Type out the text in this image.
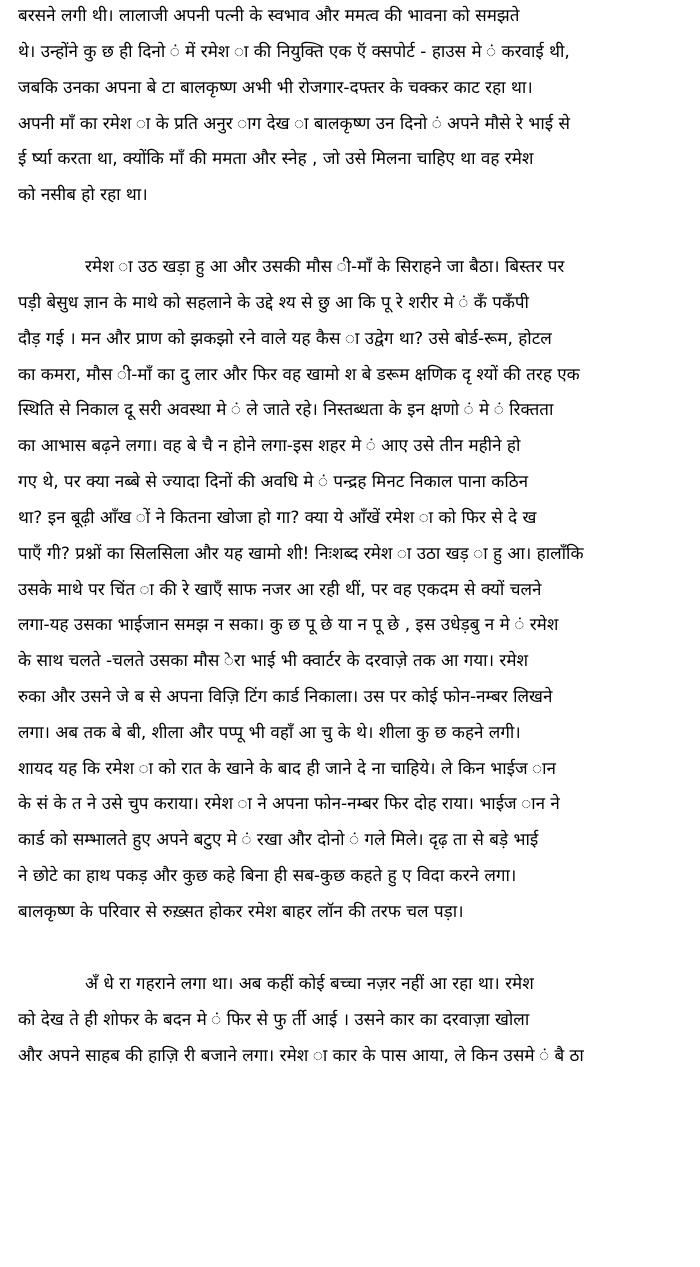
बरसने लगी थी। लालाजी अपनी पत्नी के स्वभाव और ममत्व की भावना को समझते
थे। उन्होंने कु छ ही दिनो ं में रमेश ा की नियुक्ति एक ऍ क्सपोर्ट - हाउस मे ं करवाई थी,
जबकि उनका अपना बे टा बालकृष्ण अभी भी रोजगार-दफ्तर के चक्कर काट रहा था।
अपनी माँ का रमेश ा के प्रति अनुर ाग देख ा बालकृष्ण उन दिनो ं अपने मौसे रे भाई से
ई र्ष्या करता था, क्योंकि माँ की ममता और स्नेह , जो उसे मिलना चाहिए था वह रमेश
को नसीब हो रहा था।
रमेश ा उठ खड़ा हु आ और उसकी मौस ी-माँ के सिराहने जा बैठा। बिस्तर पर
पड़ी बेसुध ज्ञान के माथे को सहलाने के उद्दे श्य से छु आ कि पू रे शरीर मे ं कँ पकँपी
दौड़ गई । मन और प्राण को झकझो रने वाले यह कैस ा उद्वेग था? उसे बोर्ड-रूम, होटल
का कमरा, मौस ी-माँ का दु लार और फिर वह खामो श बे डरूम क्षणिक दृ श्यों की तरह एक
स्थिति से निकाल दू सरी अवस्था मे ं ले जाते रहे। निस्तब्धता के इन क्षणो ं मे ं रिक्तता
का आभास बढ़ने लगा। वह बे चै न होने लगा-इस शहर मे ं आए उसे तीन महीने हो
गए थे, पर क्या नब्बे से ज्यादा दिनों की अवधि मे ं पन्द्रह मिनट निकाल पाना कठिन
था? इन बूढ़ी आँख ों ने कितना खोजा हो गा? क्या ये आँखें रमेश ा को फिर से दे ख
पाएँ गी? प्रश्नों का सिलसिला और यह खामो शी! निःशब्द रमेश ा उठा खड़ ा हु आ। हालाँकि
उसके माथे पर चिंत ा की रे खाएँ साफ नजर आ रही थीं, पर वह एकदम से क्यों चलने
लगा-यह उसका भाईजान समझ न सका। कु छ पू छे या न पू छे , इस उधेड़बु न मे ं रमेश
के साथ चलते -चलते उसका मौस ेरा भाई भी क्वार्टर के दरवाज़े तक आ गया। रमेश
रुका और उसने जे ब से अपना विज़ि टिंग कार्ड निकाला। उस पर कोई फोन-नम्बर लिखने
लगा। अब तक बे बी, शीला और पप्पू भी वहाँ आ चु के थे। शीला कु छ कहने लगी।
शायद यह कि रमेश ा को रात के खाने के बाद ही जाने दे ना चाहिये। ले किन भाईज ान
के सं के त ने उसे चुप कराया। रमेश ा ने अपना फोन-नम्बर फिर दोह राया। भाईज ान ने
कार्ड को सम्भालते हुए अपने बटुए मे ं रखा और दोनो ं गले मिले। दृढ़ ता से बड़े भाई
ने छोटे का हाथ पकड़ और कुछ कहे बिना ही सब-कुछ कहते हु ए विदा करने लगा।
बालकृष्ण के परिवार से रुख़्सत होकर रमेश बाहर लॉन की तरफ चल पड़ा।
अँ धे रा गहराने लगा था। अब कहीं कोई बच्चा नज़र नहीं आ रहा था। रमेश
को देख ते ही शोफर के बदन मे ं फिर से फु र्ती आई । उसने कार का दरवाज़ा खोला
और अपने साहब की हाज़ि री बजाने लगा। रमेश ा कार के पास आया, ले किन उसमे ं बै ठा
